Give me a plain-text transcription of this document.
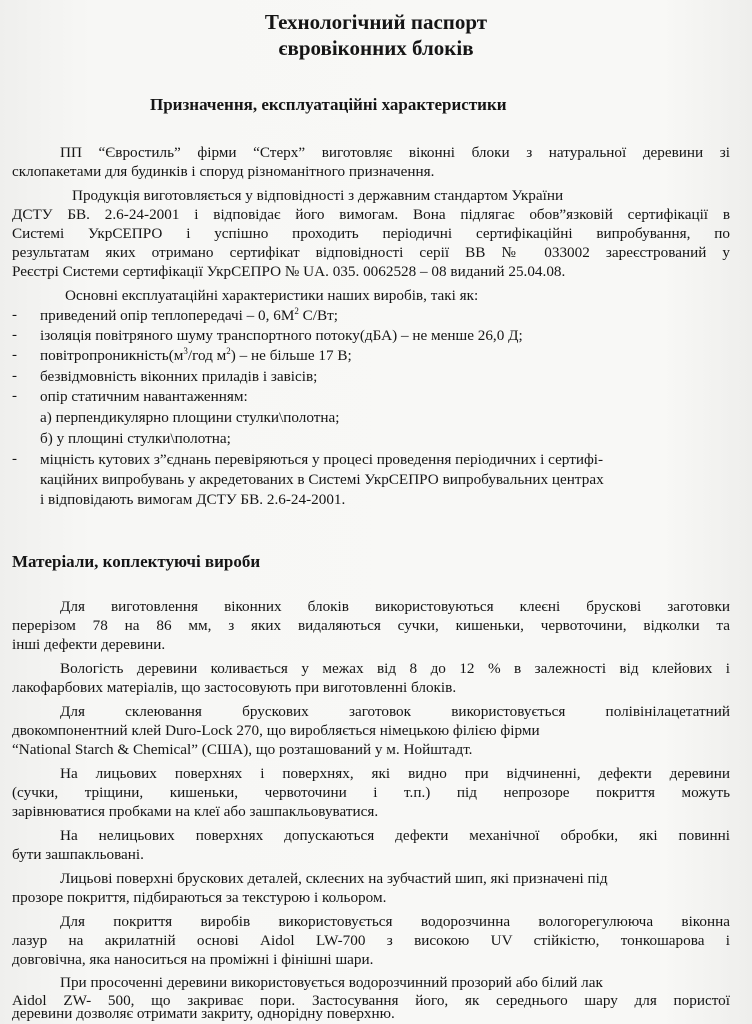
Технологічний паспорт
євровіконних блоків
Призначення, експлуатаційні характеристики
ПП “Євростиль” фірми “Стерх” виготовляє віконні блоки з натуральної деревини зі
склопакетами для будинків і споруд різноманітного призначення.
Продукція виготовляється у відповідності з державним стандартом України
ДСТУ БВ. 2.6-24-2001 і відповідає його вимогам. Вона підлягає обов”язковій сертифікації в
Системі УкрСЕПРО і успішно проходить періодичні сертифікаційні випробування, по
результатам яких отримано сертифікат відповідності серії ВВ № 033002 зареєстрований у
Реєстрі Системи сертифікації УкрСЕПРО № UA. 035. 0062528 – 08 виданий 25.04.08.
Основні експлуатаційні характеристики наших виробів, такі як:
- приведений опір теплопередачі – 0, $6М^2$ С/Вт;
- ізоляція повітряного шуму транспортного потоку(дБА) – не менше 26,0 Д;
- $повітропроникність(м^3$/год $м^2$) – не більше 17 В;
- безвідмовність віконних приладів і завісів;
- опір статичним навантаженням:
а) перпендикулярно площини стулки\полотна;
б) у площині стулки\полотна;
- міцність кутових з”єднань перевіряються у процесі проведення періодичних і сертифі-
каційних випробувань у акредетованих в Системі УкрСЕПРО випробувальних центрах
і відповідають вимогам ДСТУ БВ. 2.6-24-2001.
Матеріали, коплектуючі вироби
Для виготовлення віконних блоків використовуються клеєні брускові заготовки
перерізом 78 на 86 мм, з яких видаляються сучки, кишеньки, червоточини, відколки та
інші дефекти деревини.
Вологість деревини коливається у межах від 8 до 12 % в залежності від клейових і
лакофарбових матеріалів, що застосовують при виготовленні блоків.
Для склеювання брускових заготовок використовується полівінілацетатний
двокомпонентний клей Duro-Lock 270, що виробляється німецькою філією фірми
“National Starch & Chemical” (США), що розташований у м. Нойштадт.
На лицьових поверхнях і поверхнях, які видно при відчиненні, дефекти деревини
(сучки, тріщини, кишеньки, червоточини і т.п.) під непрозоре покриття можуть
зарівнюватися пробками на клеї або зашпакльовуватися.
На нелицьових поверхнях допускаються дефекти механічної обробки, які повинні
бути зашпакльовані.
Лицьові поверхні брускових деталей, склеєних на зубчастий шип, які призначені під
прозоре покриття, підбираються за текстурою і кольором.
Для покриття виробів використовується водорозчинна вологорегулююча віконна
лазур на акрилатній основі Aidol LW-700 з високою UV стійкістю, тонкошарова і
довговічна, яка наноситься на проміжні і фінішні шари.
При просоченні деревини використовується водорозчинний прозорий або білий лак
Aidol ZW- 500, що закриває пори. Застосування його, як середнього шару для пористої
деревини дозволяє отримати закриту, однорідну поверхню.
